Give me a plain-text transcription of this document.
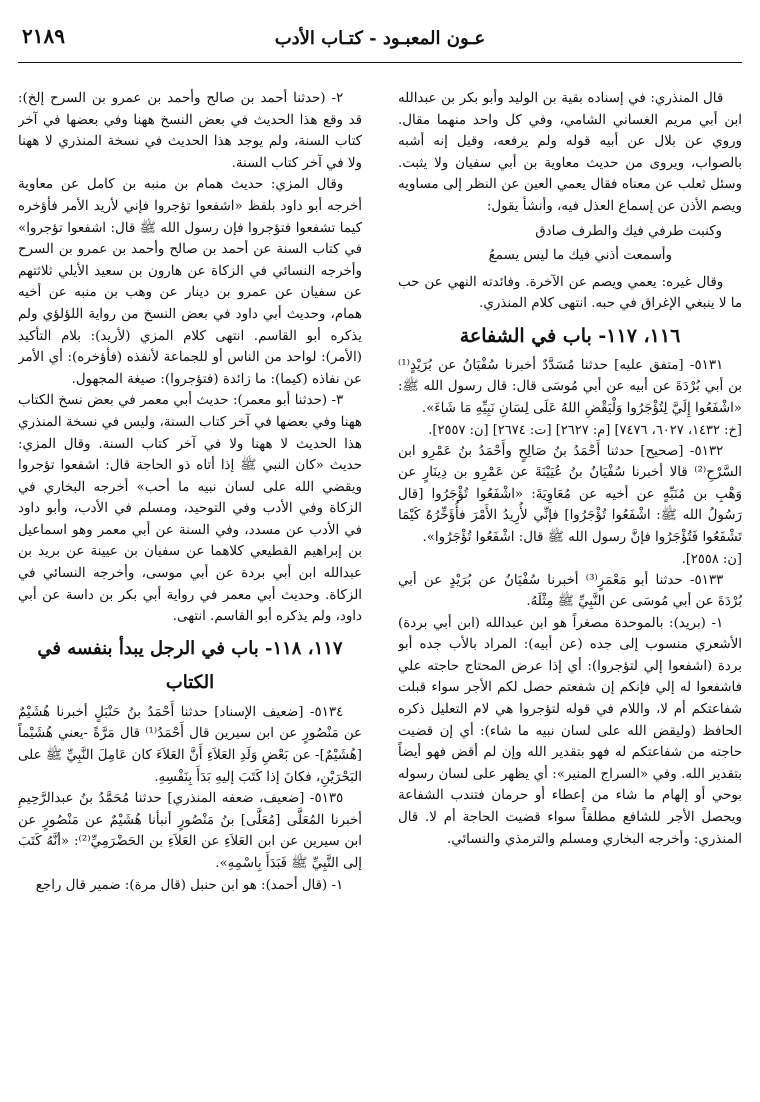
عـون المعبـود - كتـاب الأدب
٢١٨٩

قال المنذري: في إسناده بقية بن الوليد وأبو بكر بن عبدالله ابن أبي مريم الغساني الشامي، وفي كل واحد منهما مقال. وروي عن بلال عن أبيه قوله ولم يرفعه، وقيل إنه أشبه بالصواب، ويروى من حديث معاوية بن أبي سفيان ولا يثبت. وسئل ثعلب عن معناه فقال يعمي العين عن النظر إلى مساويه ويصم الأذن عن إسماع العذل فيه، وأنشأ يقول:

وكنبت طرفي فيك والطرف صادق
وأسمعت أذني فيك ما ليس يسمعُ

وقال غيره: يعمي ويصم عن الآخرة. وفائدته النهي عن حب ما لا ينبغي الإغراق في حبه. انتهى كلام المنذري.

١١٦، ١١٧- باب في الشفاعة

٥١٣١- [متفق عليه] حدثنا مُسَدَّدٌ أخبرنا سُفْيَانُ عن بُرَيْدٍ⁽¹⁾ بن أبي بُرْدَةَ عن أبيه عن أبي مُوسَى قال: قال رسول الله ﷺ: «اشْفَعُوا إِلَيَّ لِتُؤْجَرُوا وَلْيَقْضِ اللهُ عَلَى لِسَانِ نَبِيِّهِ مَا شَاءَ».

[خ: ١٤٣٢، ٦٠٢٧، ٧٤٧٦] [م: ٢٦٢٧] [ت: ٢٦٧٤] [ن: ٢٥٥٧].

٥١٣٢- [صحيح] حدثنا أَحْمَدُ بنُ صَالِحٍ وأَحْمَدُ بنُ عَمْرِو ابن السَّرْحِ⁽²⁾ قالا أخبرنا سُفْيَانُ بنُ عُيَيْنَةَ عن عَمْرِو بن دِينَارٍ عن وَهْبِ بن مُنَبِّهٍ عن أخيه عن مُعَاوِيَةَ: «اشْفَعُوا تُؤْجَرُوا [قال رَسُولُ الله ﷺ: اشْفَعُوا تُؤْجَرُوا] فإنِّي لأُرِيدُ الأَمْرَ فأُؤَخِّرُهُ كَيْمَا تَشْفَعُوا فَتُؤْجَرُوا فإنَّ رسول الله ﷺ قال: اشْفَعُوا تُؤْجَرُوا».

[ن: ٢٥٥٨].

٥١٣٣- حدثنا أبو مَعْمَرٍ⁽³⁾ أخبرنا سُفْيَانُ عن بُرَيْدٍ عن أبي بُرْدَةَ عن أبي مُوسَى عن النَّبِيِّ ﷺ مِثْلَهُ.

١- (بريد): بالموحدة مصغراً هو ابن عبدالله (ابن أبي بردة) الأشعري منسوب إلى جده (عن أبيه): المراد بالأب جده أبو بردة (اشفعوا إلي لتؤجروا): أي إذا عرض المحتاج حاجته علي فاشفعوا له إلي فإنكم إن شفعتم حصل لكم الأجر سواء قبلت شفاعتكم أم لا، واللام في قوله لتؤجروا هي لام التعليل ذكره الحافظ (وليقض الله على لسان نبيه ما شاء): أي إن قضيت حاجته من شفاعتكم له فهو بتقدير الله وإن لم أقض فهو أيضاً بتقدير الله. وفي «السراج المنير»: أي يظهر على لسان رسوله بوحي أو إلهام ما شاء من إعطاء أو حرمان فتندب الشفاعة ويحصل الأجر للشافع مطلقاً سواء قضيت الحاجة أم لا. قال المنذري: وأخرجه البخاري ومسلم والترمذي والنسائي.

٢- (حدثنا أحمد بن صالح وأحمد بن عمرو بن السرح إلخ): قد وقع هذا الحديث في بعض النسخ ههنا وفي بعضها في آخر كتاب السنة، ولم يوجد هذا الحديث في نسخة المنذري لا ههنا ولا في آخر كتاب السنة.

وقال المزي: حديث همام بن منبه بن كامل عن معاوية أخرجه أبو داود بلفظ «اشفعوا تؤجروا فإني لأريد الأمر فأؤخره كيما تشفعوا فتؤجروا فإن رسول الله ﷺ قال: اشفعوا تؤجروا» في كتاب السنة عن أحمد بن صالح وأحمد بن عمرو بن السرح وأخرجه النسائي في الزكاة عن هارون بن سعيد الأيلي ثلاثتهم عن سفيان عن عمرو بن دينار عن وهب بن منبه عن أخيه همام، وحديث أبي داود في بعض النسخ من رواية اللؤلؤي ولم يذكره أبو القاسم. انتهى كلام المزي (لأريد): بلام التأكيد (الأمر): لواحد من الناس أو للجماعة لأنفذه (فأؤخره): أي الأمر عن نفاذه (كيما): ما زائدة (فتؤجروا): صيغة المجهول.

٣- (حدثنا أبو معمر): حديث أبي معمر في بعض نسخ الكتاب ههنا وفي بعضها في آخر كتاب السنة، وليس في نسخة المنذري هذا الحديث لا ههنا ولا في آخر كتاب السنة. وقال المزي: حديث «كان النبي ﷺ إذا أتاه ذو الحاجة قال: اشفعوا تؤجروا ويقضي الله على لسان نبيه ما أحب» أخرجه البخاري في الزكاة وفي الأدب وفي التوحيد، ومسلم في الأدب، وأبو داود في الأدب عن مسدد، وفي السنة عن أبي معمر وهو اسماعيل بن إبراهيم القطيعي كلاهما عن سفيان بن عيينة عن بريد بن عبدالله ابن أبي بردة عن أبي موسى، وأخرجه النسائي في الزكاة. وحديث أبي معمر في رواية أبي بكر بن داسة عن أبي داود، ولم يذكره أبو القاسم. انتهى.

١١٧، ١١٨- باب في الرجل يبدأ بنفسه في الكتاب

٥١٣٤- [ضعيف الإسناد] حدثنا أَحْمَدُ بنُ حَنْبَلٍ أخبرنا هُشَيْمٌ عن مَنْصُورٍ عن ابن سيرين قال أَحْمَدُ⁽¹⁾ قال مَرَّةً -يعني هُشَيْماً [هُشَيْمٌ]- عن بَعْضِ وَلَدِ العَلاَءِ أَنَّ العَلاَءَ كان عَامِلَ النَّبِيِّ ﷺ على البَحْرَيْنِ، فكانَ إذا كَتَبَ إليهِ بَدَأَ بِنَفْسِهِ.

٥١٣٥- [ضعيف، ضعفه المنذري] حدثنا مُحَمَّدُ بنُ عبدالرَّحِيمِ أخبرنا المُعَلَّى [مُعَلَّى] بنُ مَنْصُورٍ أنبأنا هُشَيْمٌ عن مَنْصُورٍ عن ابن سيرين عن ابن العَلاَءِ عن العَلاَءِ بن الحَضْرَمِيِّ⁽²⁾: «أنَّهُ كَتَبَ إلى النَّبِيِّ ﷺ فَبَدَأَ بِاسْمِهِ».

١- (قال أحمد): هو ابن حنبل (قال مرة): ضمير قال راجع
